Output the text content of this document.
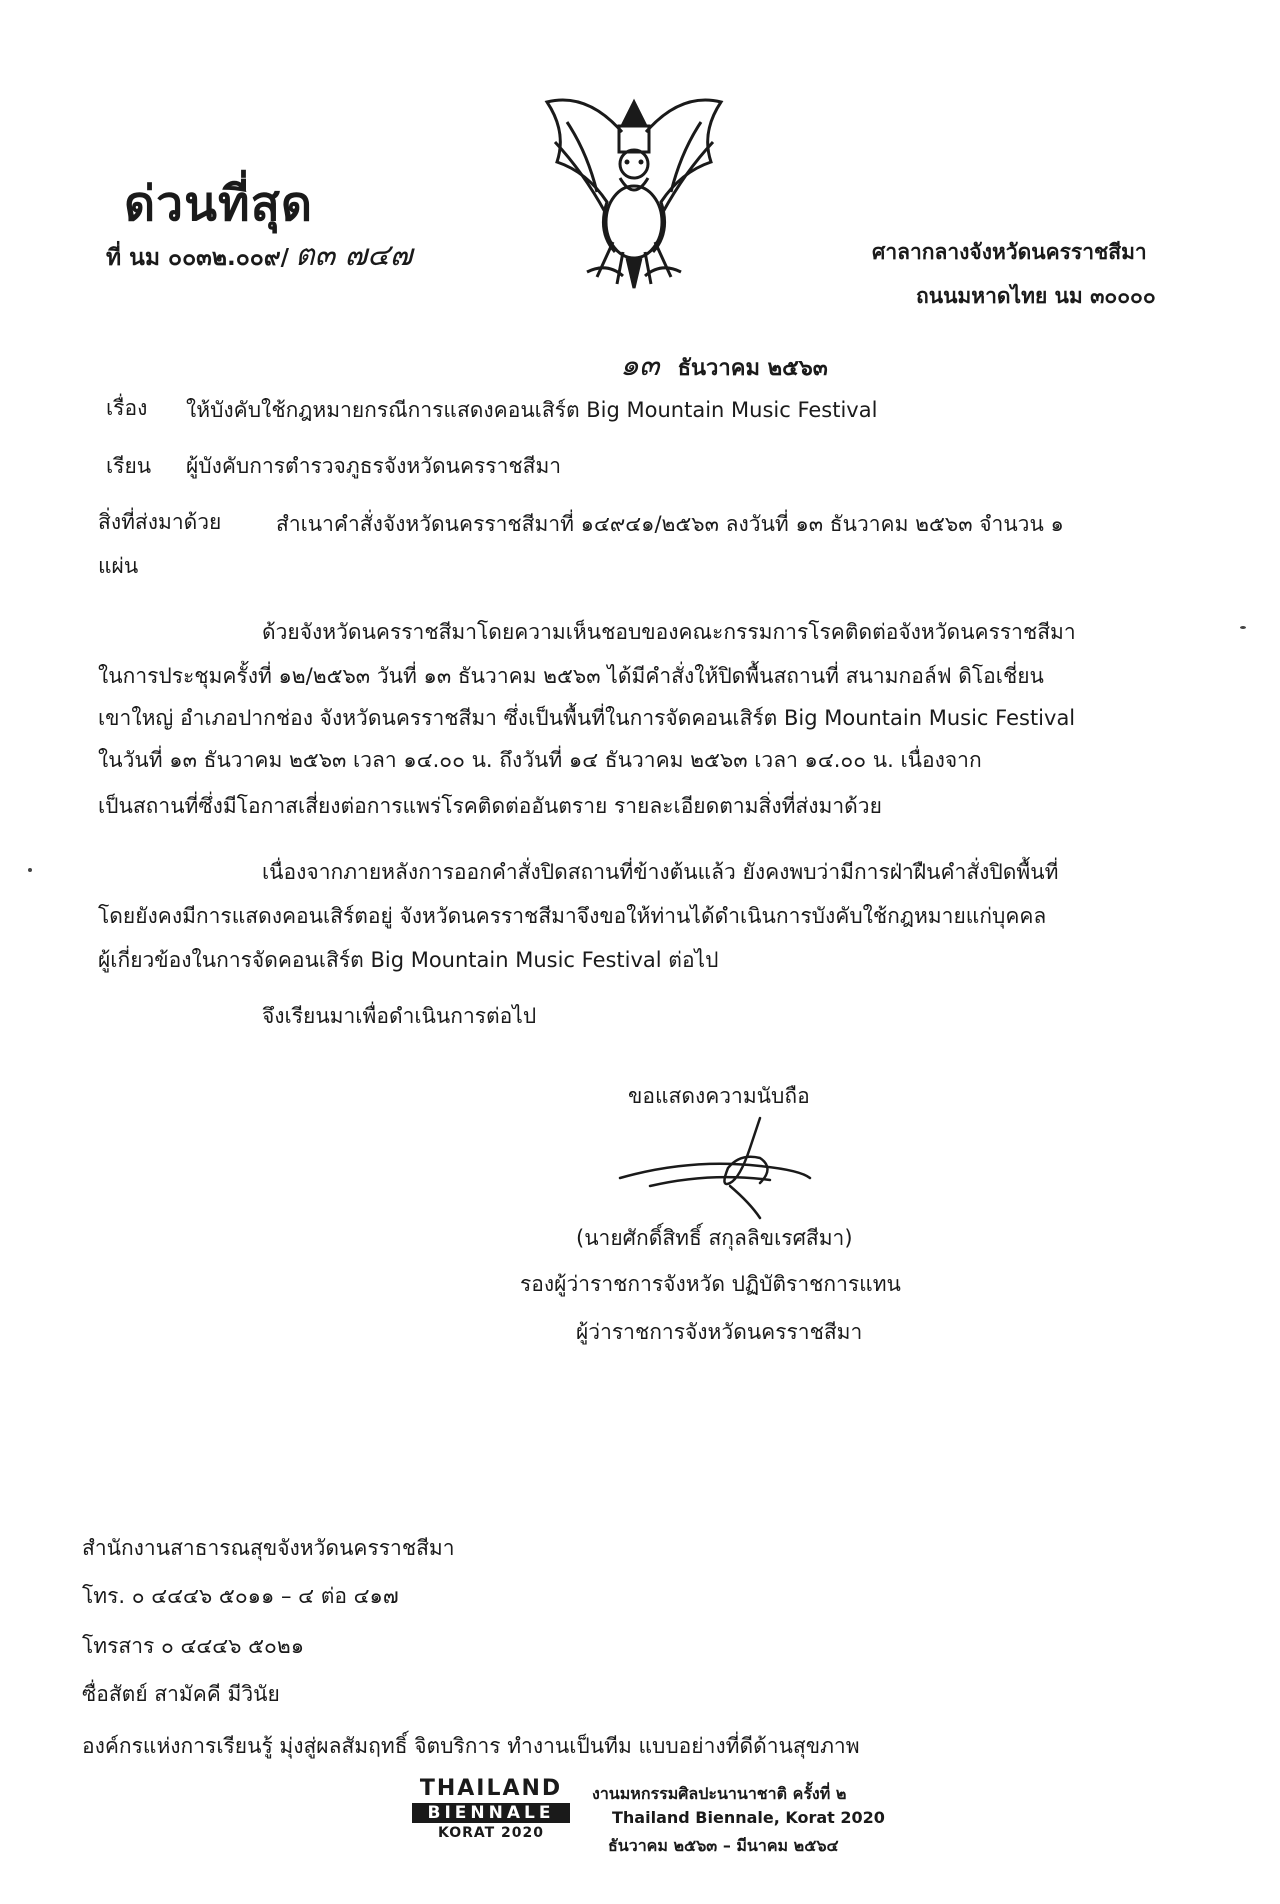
ด่วนที่สุด
ที่ นม ๐๐๓๒.๐๐๙/ ต๓ ๗๔๗	ศาลากลางจังหวัดนครราชสีมา
ถนนมหาดไทย นม ๓๐๐๐๐
๑๓ ธันวาคม ๒๕๖๓
เรื่อง ให้บังคับใช้กฎหมายกรณีการแสดงคอนเสิร์ต Big Mountain Music Festival
เรียน ผู้บังคับการตำรวจภูธรจังหวัดนครราชสีมา
สิ่งที่ส่งมาด้วย	สำเนาคำสั่งจังหวัดนครราชสีมาที่ ๑๔๙๔๑/๒๕๖๓ ลงวันที่ ๑๓ ธันวาคม ๒๕๖๓ จำนวน ๑
แผ่น
ด้วยจังหวัดนครราชสีมาโดยความเห็นชอบของคณะกรรมการโรคติดต่อจังหวัดนครราชสีมา
ในการประชุมครั้งที่ ๑๒/๒๕๖๓ วันที่ ๑๓ ธันวาคม ๒๕๖๓ ได้มีคำสั่งให้ปิดพื้นสถานที่ สนามกอล์ฟ ดิโอเชี่ยน
เขาใหญ่ อำเภอปากช่อง จังหวัดนครราชสีมา ซึ่งเป็นพื้นที่ในการจัดคอนเสิร์ต Big Mountain Music Festival
ในวันที่ ๑๓ ธันวาคม ๒๕๖๓ เวลา ๑๔.๐๐ น. ถึงวันที่ ๑๔ ธันวาคม ๒๕๖๓ เวลา ๑๔.๐๐ น. เนื่องจาก
เป็นสถานที่ซึ่งมีโอกาสเสี่ยงต่อการแพร่โรคติดต่ออันตราย รายละเอียดตามสิ่งที่ส่งมาด้วย
เนื่องจากภายหลังการออกคำสั่งปิดสถานที่ข้างต้นแล้ว ยังคงพบว่ามีการฝ่าฝืนคำสั่งปิดพื้นที่
โดยยังคงมีการแสดงคอนเสิร์ตอยู่ จังหวัดนครราชสีมาจึงขอให้ท่านได้ดำเนินการบังคับใช้กฎหมายแก่บุคคล
ผู้เกี่ยวข้องในการจัดคอนเสิร์ต Big Mountain Music Festival ต่อไป
จึงเรียนมาเพื่อดำเนินการต่อไป
ขอแสดงความนับถือ
(นายศักดิ์สิทธิ์ สกุลลิขเรศสีมา)
รองผู้ว่าราชการจังหวัด ปฏิบัติราชการแทน
ผู้ว่าราชการจังหวัดนครราชสีมา
สำนักงานสาธารณสุขจังหวัดนครราชสีมา
โทร. ๐ ๔๔๔๖ ๕๐๑๑ – ๔ ต่อ ๔๑๗
โทรสาร ๐ ๔๔๔๖ ๕๐๒๑
ซื่อสัตย์ สามัคคี มีวินัย
องค์กรแห่งการเรียนรู้ มุ่งสู่ผลสัมฤทธิ์ จิตบริการ ทำงานเป็นทีม แบบอย่างที่ดีด้านสุขภาพ
THAILAND
BIENNALE
KORAT 2020
งานมหกรรมศิลปะนานาชาติ ครั้งที่ ๒
Thailand Biennale, Korat 2020
ธันวาคม ๒๕๖๓ – มีนาคม ๒๕๖๔
